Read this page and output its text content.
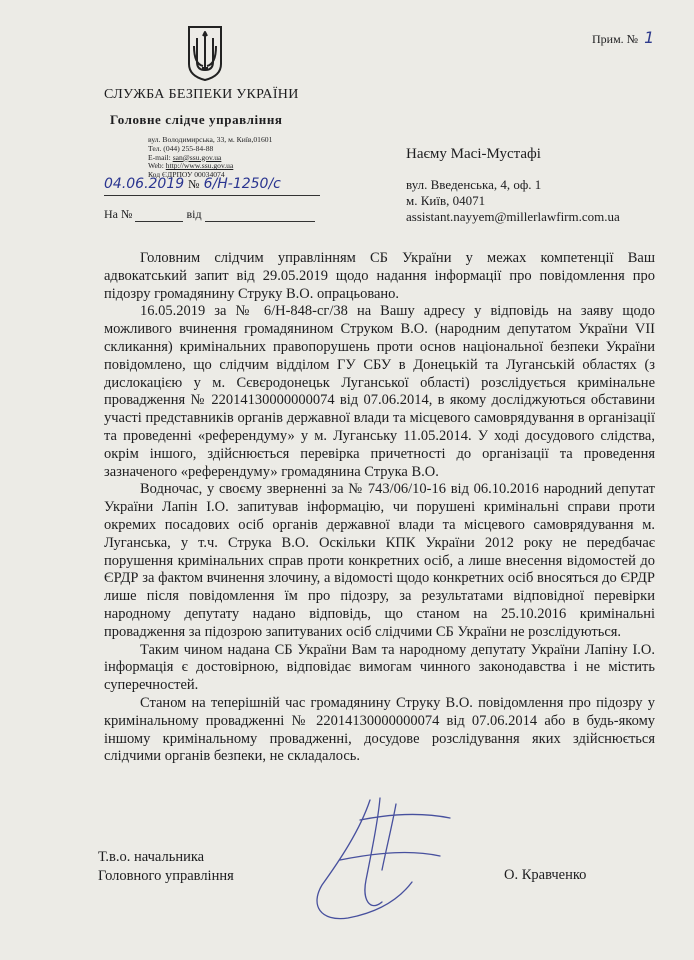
Прим. № 1
СЛУЖБА БЕЗПЕКИ УКРАЇНИ
Головне слідче управління
вул. Володимирська, 33, м. Київ,01601
Тел. (044) 255-84-88
E-mail: san@ssu.gov.ua
Web: http://www.ssu.gov.ua
Код ЄДРПОУ 00034074
04.06.2019 № 6/Н-1250/с
На №	від
Наєму Масі-Мустафі
вул. Введенська, 4, оф. 1
м. Київ, 04071
assistant.nayyem@millerlawfirm.com.ua

Головним слідчим управлінням СБ України у межах компетенції Ваш адвокатський запит від 29.05.2019 щодо надання інформації про повідомлення про підозру громадянину Струку В.О. опрацьовано.

16.05.2019 за № 6/Н-848-сг/38 на Вашу адресу у відповідь на заяву щодо можливого вчинення громадянином Струком В.О. (народним депутатом України VII скликання) кримінальних правопорушень проти основ національної безпеки України повідомлено, що слідчим відділом ГУ СБУ в Донецькій та Луганській областях (з дислокацією у м. Сєвєродонецьк Луганської області) розслідується кримінальне провадження № 22014130000000074 від 07.06.2014, в якому досліджуються обставини участі представників органів державної влади та місцевого самоврядування в організації та проведенні «референдуму» у м. Луганську 11.05.2014. У ході досудового слідства, окрім іншого, здійснюється перевірка причетності до організації та проведення зазначеного «референдуму» громадянина Струка В.О.

Водночас, у своєму зверненні за № 743/06/10-16 від 06.10.2016 народний депутат України Лапін І.О. запитував інформацію, чи порушені кримінальні справи проти окремих посадових осіб органів державної влади та місцевого самоврядування м. Луганська, у т.ч. Струка В.О. Оскільки КПК України 2012 року не передбачає порушення кримінальних справ проти конкретних осіб, а лише внесення відомостей до ЄРДР за фактом вчинення злочину, а відомості щодо конкретних осіб вносяться до ЄРДР лише після повідомлення їм про підозру, за результатами відповідної перевірки народному депутату надано відповідь, що станом на 25.10.2016 кримінальні провадження за підозрою запитуваних осіб слідчими СБ України не розслідуються.

Таким чином надана СБ України Вам та народному депутату України Лапіну І.О. інформація є достовірною, відповідає вимогам чинного законодавства і не містить суперечностей.

Станом на теперішній час громадянину Струку В.О. повідомлення про підозру у кримінальному провадженні № 22014130000000074 від 07.06.2014 або в будь-якому іншому кримінальному провадженні, досудове розслідування яких здійснюється слідчими органів безпеки, не складалось.

Т.в.о. начальника
Головного управління	О. Кравченко
